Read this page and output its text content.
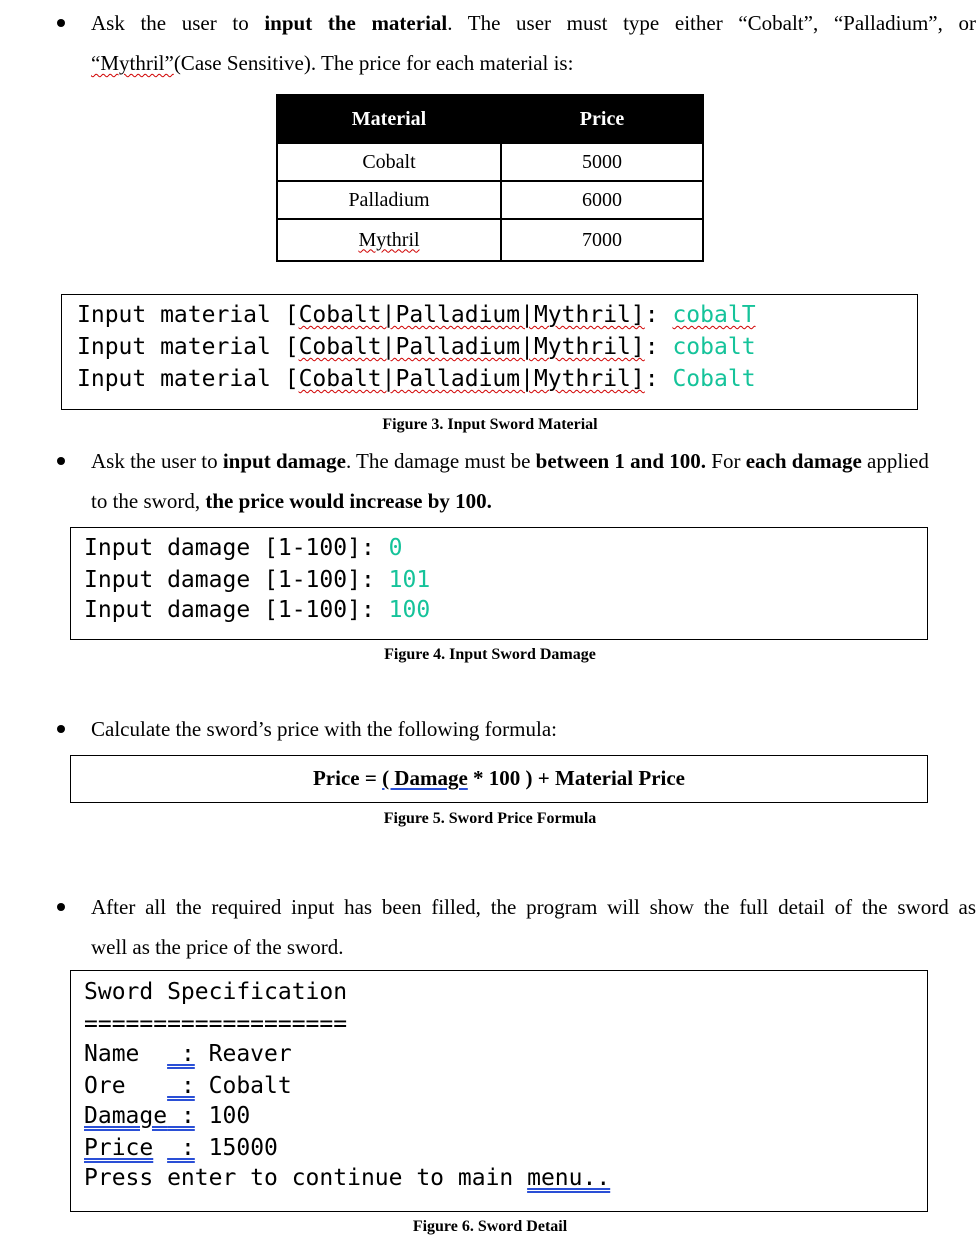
Ask the user to input the material. The user must type either “Cobalt”, “Palladium”, or
“Mythril”(Case Sensitive). The price for each material is:
Material	Price
Cobalt	5000
Palladium	6000
Mythril	7000
Input material [Cobalt|Palladium|Mythril]: cobalT
Input material [Cobalt|Palladium|Mythril]: cobalt
Input material [Cobalt|Palladium|Mythril]: Cobalt
Figure 3. Input Sword Material
Ask the user to input damage. The damage must be between 1 and 100. For each damage applied
to the sword, the price would increase by 100.
Input damage [1-100]: 0
Input damage [1-100]: 101
Input damage [1-100]: 100
Figure 4. Input Sword Damage
Calculate the sword’s price with the following formula:
Price = ( Damage * 100 ) + Material Price
Figure 5. Sword Price Formula
After all the required input has been filled, the program will show the full detail of the sword as
well as the price of the sword.
Sword Specification
===================
Name   : Reaver
Ore    : Cobalt
Damage : 100
Price  : 15000
Press enter to continue to main menu..
Figure 6. Sword Detail
